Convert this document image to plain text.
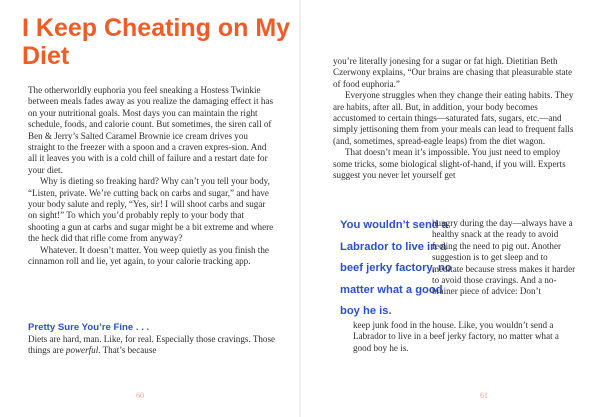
I Keep Cheating on My Diet

The otherworldly euphoria you feel sneaking a Hostess Twinkie between meals fades away as you realize the damaging effect it has on your nutritional goals. Most days you can maintain the right schedule, foods, and calorie count. But sometimes, the siren call of Ben & Jerry’s Salted Caramel Brownie ice cream drives you straight to the freezer with a spoon and a craven expres-sion. And all it leaves you with is a cold chill of failure and a restart date for your diet.

Why is dieting so freaking hard? Why can’t you tell your body, “Listen, private. We’re cutting back on carbs and sugar,” and have your body salute and reply, “Yes, sir! I will shoot carbs and sugar on sight!” To which you’d probably reply to your body that shooting a gun at carbs and sugar might be a bit extreme and where the heck did that rifle come from anyway?

Whatever. It doesn’t matter. You weep quietly as you finish the cinnamon roll and lie, yet again, to your calorie tracking app.

Pretty Sure You’re Fine . . .

Diets are hard, man. Like, for real. Especially those cravings. Those things are powerful. That’s because

60

you’re literally jonesing for a sugar or fat high. Dietitian Beth Czerwony explains, “Our brains are chasing that pleasurable state of food euphoria.”

Everyone struggles when they change their eating habits. They are habits, after all. But, in addition, your body becomes accustomed to certain things—saturated fats, sugars, etc.—and simply jettisoning them from your meals can lead to frequent falls (and, sometimes, spread-eagle leaps) from the diet wagon.

That doesn’t mean it’s impossible. You just need to employ some tricks, some biological slight-of-hand, if you will. Experts suggest you never let yourself get

You wouldn’t send a Labrador to live in a beef jerky factory, no matter what a good boy he is.

hungry during the day—always have a healthy snack at the ready to avoid feeling the need to pig out. Another suggestion is to get sleep and to meditate because stress makes it harder to avoid those cravings. And a no-brainer piece of advice: Don’t

keep junk food in the house. Like, you wouldn’t send a Labrador to live in a beef jerky factory, no matter what a good boy he is.

61
